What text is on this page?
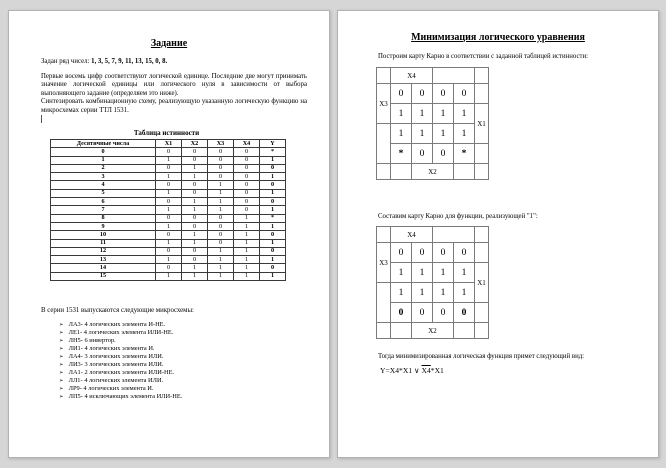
Задание
Задан ряд чисел: 1, 3, 5, 7, 9, 11, 13, 15, 0, 8.

Первые восемь цифр соответствуют логической единице. Последние две могут принимать значение логической единицы или логического нуля в зависимости от выбора выполняющего задание (определяем это ниже).

Синтезировать комбинационную схему, реализующую указанную логическую функцию на микросхемах серии ТТЛ 1531.

Таблица истинности
Десятичные числа	Х1	Х2	Х3	Х4	Y
0	0	0	0	0	*
1	1	0	0	0	1
2	0	1	0	0	0
3	1	1	0	0	1
4	0	0	1	0	0
5	1	0	1	0	1
6	0	1	1	0	0
7	1	1	1	0	1
8	0	0	0	1	*
9	1	0	0	1	1
10	0	1	0	1	0
11	1	1	0	1	1
12	0	0	1	1	0
13	1	0	1	1	1
14	0	1	1	1	0
15	1	1	1	1	1
В серии 1531 выпускаются следующие микросхемы:
➢ ЛА3- 4 логических элемента И-НЕ.
➢ ЛЕ1- 4 логических элемента ИЛИ-НЕ.
➢ ЛН5- 6 инвертор.
➢ ЛИ1- 4 логических элемента И.
➢ ЛА4- 3 логических элемента ИЛИ.
➢ ЛИ3- 3 логических элемента ИЛИ.
➢ ЛА1- 2 логических элемента ИЛИ-НЕ.
➢ ЛЛ1- 4 логических элемента ИЛИ.
➢ ЛР9- 4 логических элемента И.
➢ ЛП5- 4 исключающих элемента ИЛИ-НЕ.
Минимизация логического уравнения
Построим карту Карно в соответствии с заданной таблицей истинности:
	Х4				
Х3	0	0	0	0	
	1	1	1	1	Х1
	1	1	1	1	
	*	0	0	*	
		Х2			
Составим карту Карно для функции, реализующей "1":
	Х4				
Х3	0	0	0	0	
	1	1	1	1	Х1
	1	1	1	1	
	0	0	0	0	
		Х2			
Тогда минимизированная логическая функция примет следующий вид:
Y=X4*X1 ∨ X4*X1
